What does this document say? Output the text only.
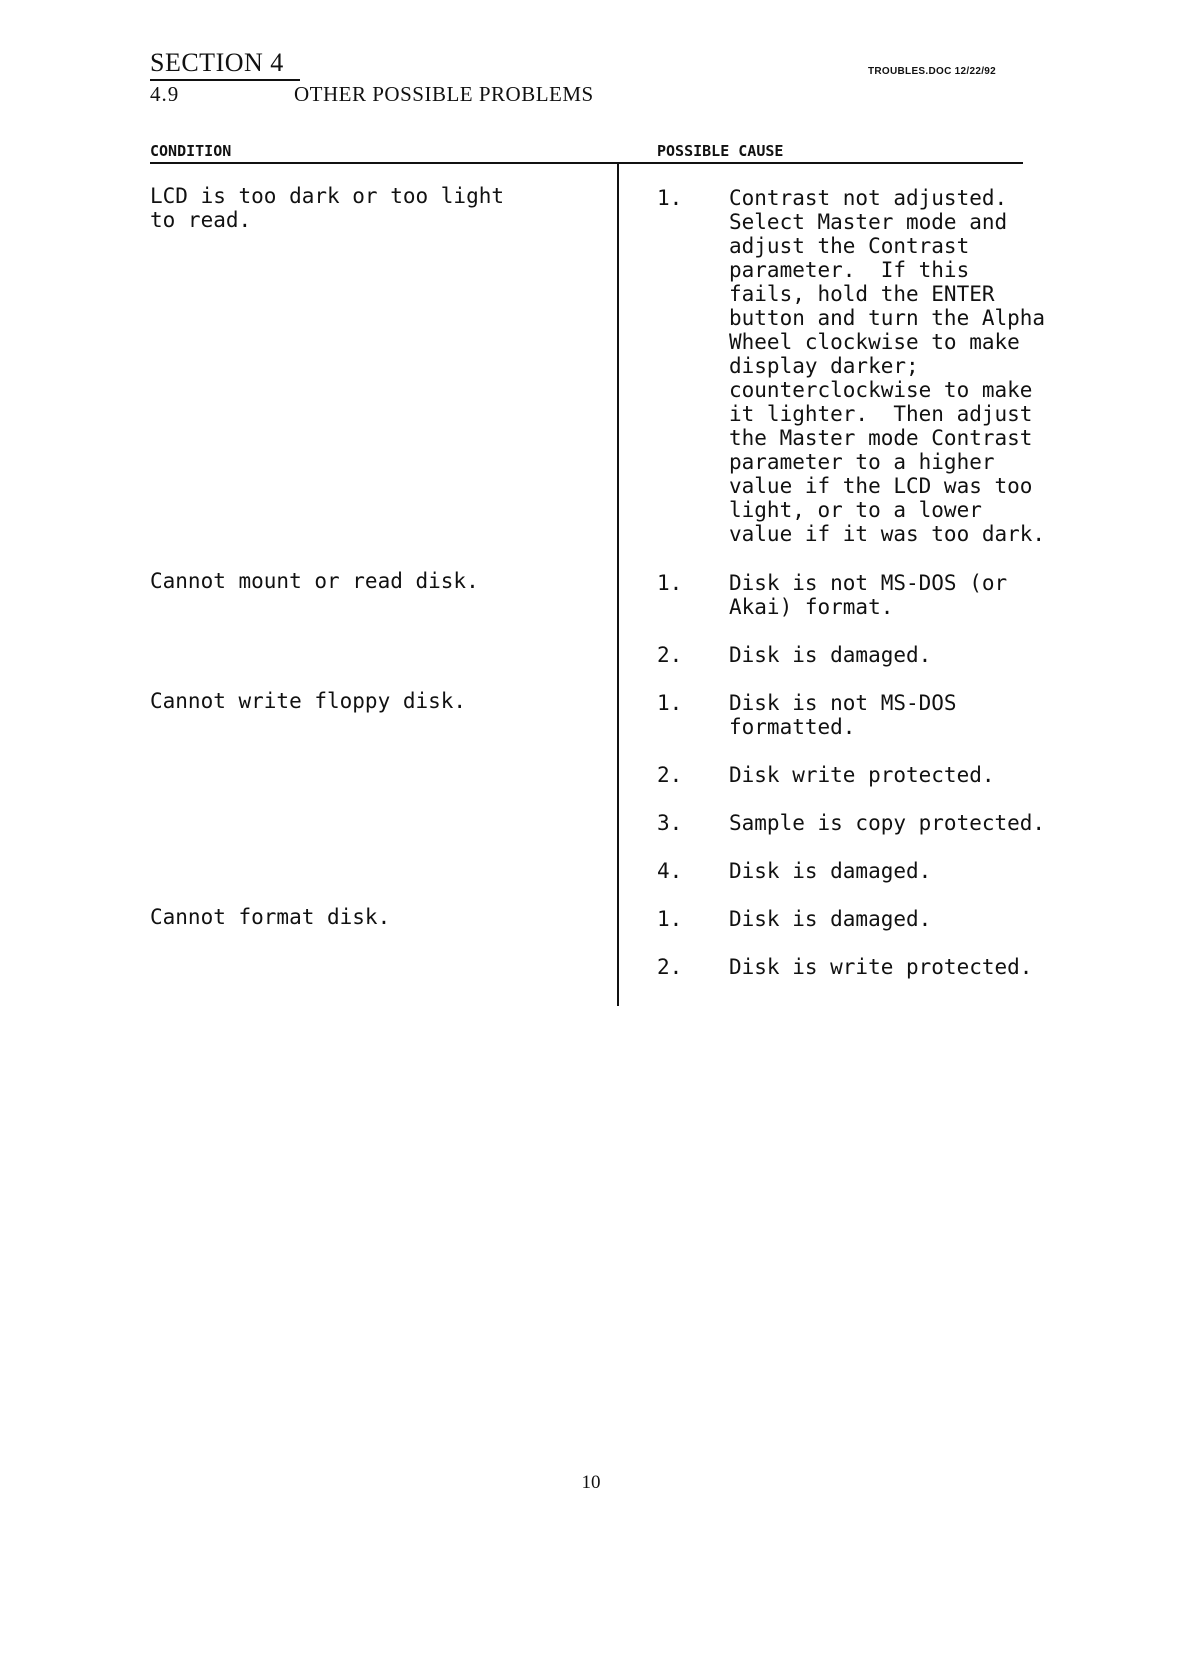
SECTION 4
4.9	OTHER POSSIBLE PROBLEMS
TROUBLES.DOC 12/22/92
CONDITION	POSSIBLE CAUSE
LCD is too dark or too light
to read.
1. Contrast not adjusted.
Select Master mode and
adjust the Contrast
parameter.  If this
fails, hold the ENTER
button and turn the Alpha
Wheel clockwise to make
display darker;
counterclockwise to make
it lighter.  Then adjust
the Master mode Contrast
parameter to a higher
value if the LCD was too
light, or to a lower
value if it was too dark.
Cannot mount or read disk.	1. Disk is not MS-DOS (or
Akai) format.
2. Disk is damaged.
Cannot write floppy disk.	1. Disk is not MS-DOS
formatted.
2. Disk write protected.
3. Sample is copy protected.
4. Disk is damaged.
Cannot format disk.	1. Disk is damaged.
2. Disk is write protected.
10
